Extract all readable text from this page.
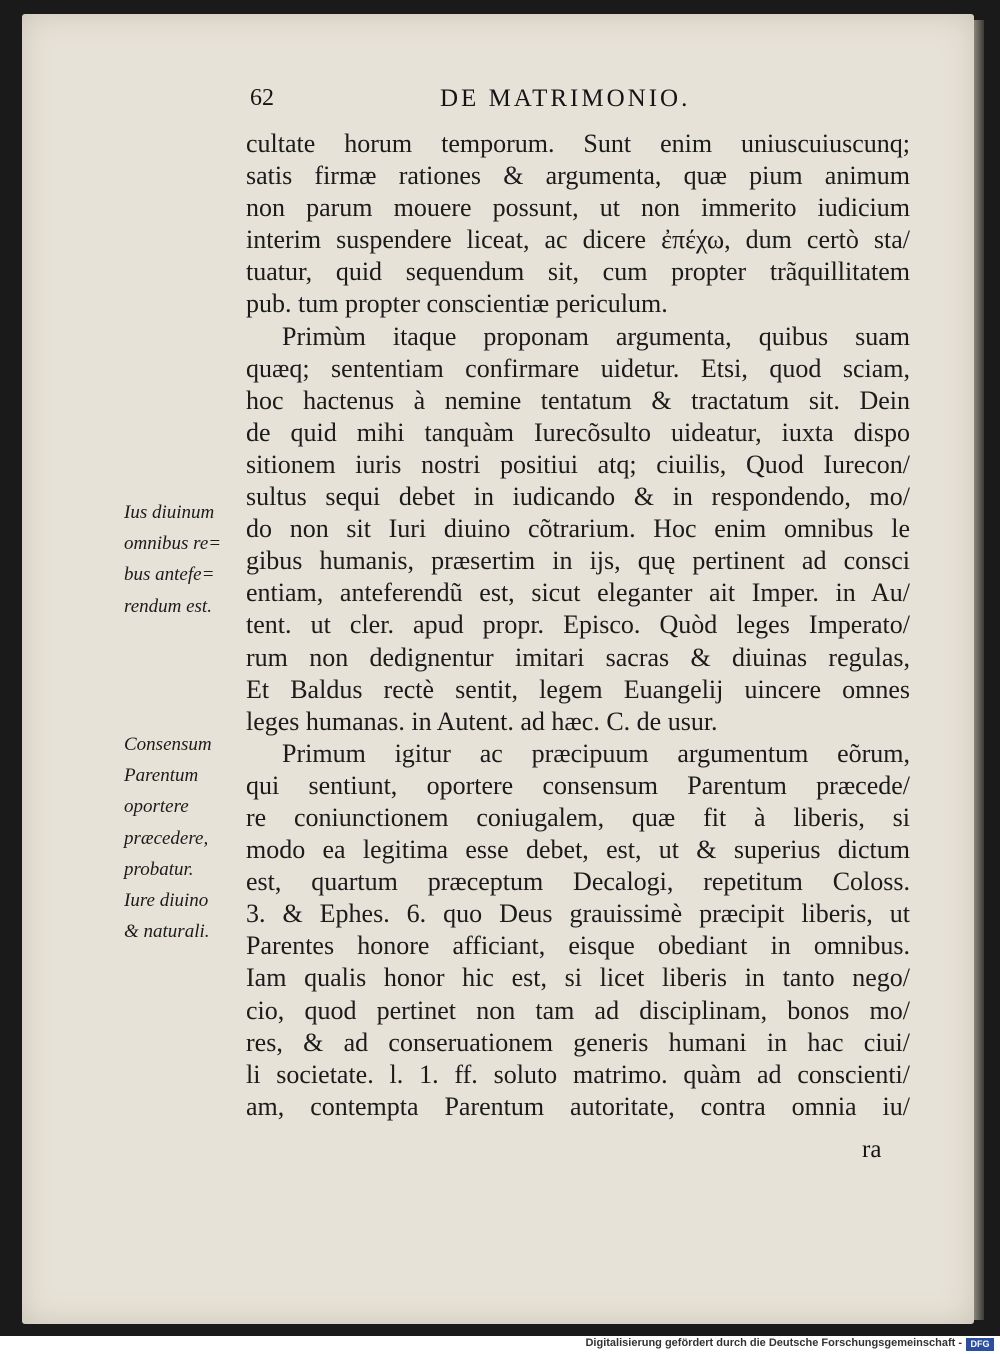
62	DE MATRIMONIO.
cultate horum temporum. Sunt enim uniuscuiuscunq;
satis firmæ rationes & argumenta, quæ pium animum
non parum mouere possunt, ut non immerito iudicium
interim suspendere liceat, ac dicere ἐπέχω, dum certò sta/
tuatur, quid sequendum sit, cum propter trãquillitatem
pub. tum propter conscientiæ periculum.
Primùm itaque proponam argumenta, quibus suam
quæq; sententiam confirmare uidetur. Etsi, quod sciam,
hoc hactenus à nemine tentatum & tractatum sit. Dein
de quid mihi tanquàm Iurecõsulto uideatur, iuxta dispo
sitionem iuris nostri positiui atq; ciuilis, Quod Iurecon/
sultus sequi debet in iudicando & in respondendo, mo/
do non sit Iuri diuino cõtrarium. Hoc enim omnibus le
gibus humanis, præsertim in ijs, quę pertinent ad consci
entiam, anteferendũ est, sicut eleganter ait Imper. in Au/
tent. ut cler. apud propr. Episco. Quòd leges Imperato/
rum non dedignentur imitari sacras & diuinas regulas,
Et Baldus rectè sentit, legem Euangelij uincere omnes
leges humanas. in Autent. ad hæc. C. de usur.
Primum igitur ac præcipuum argumentum eõrum,
qui sentiunt, oportere consensum Parentum præcede/
re coniunctionem coniugalem, quæ fit à liberis, si
modo ea legitima esse debet, est, ut & superius dictum
est, quartum præceptum Decalogi, repetitum Coloss.
3. & Ephes. 6. quo Deus grauissimè præcipit liberis, ut
Parentes honore afficiant, eisque obediant in omnibus.
Iam qualis honor hic est, si licet liberis in tanto nego/
cio, quod pertinet non tam ad disciplinam, bonos mo/
res, & ad conseruationem generis humani in hac ciui/
li societate. l. 1. ff. soluto matrimo. quàm ad conscienti/
am, contempta Parentum autoritate, contra omnia iu/
Ius diuinum
omnibus re=
bus antefe=
rendum est.
Consensum
Parentum
oportere
præcedere,
probatur.
Iure diuino
& naturali.
ra
Digitalisierung gefördert durch die Deutsche Forschungsgemeinschaft - DFG
